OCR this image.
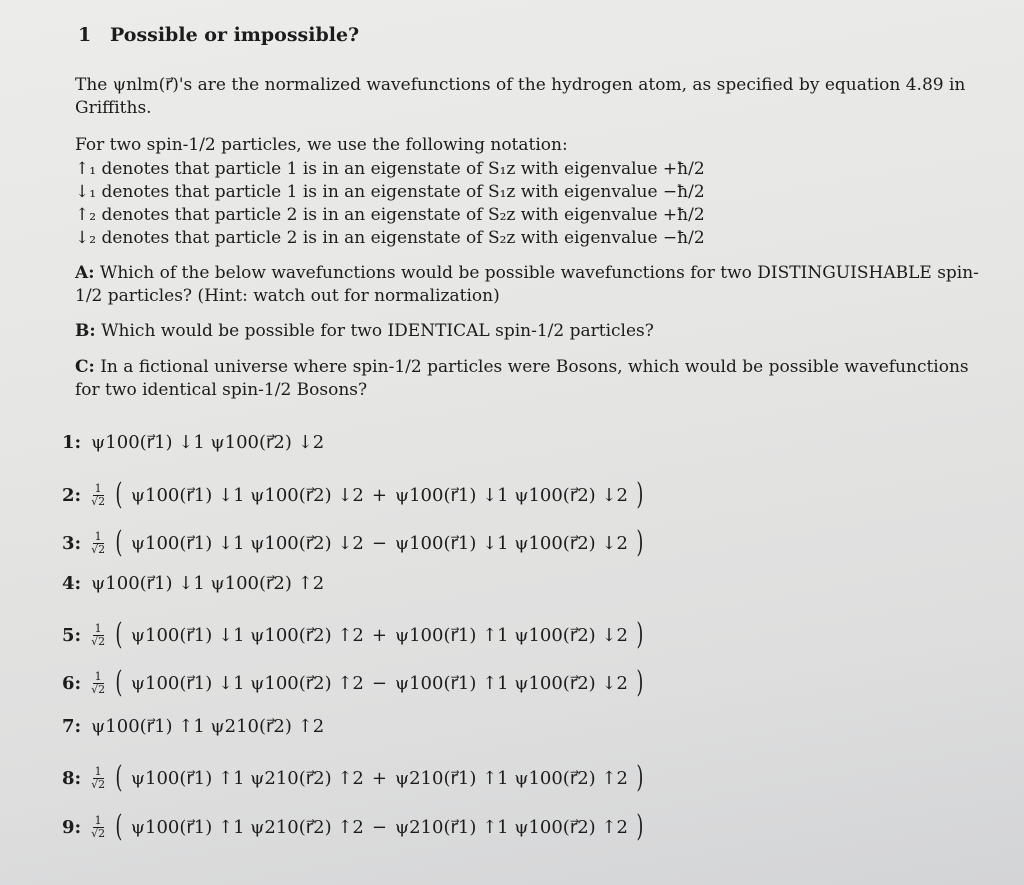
1 Possible or impossible?
The ψnlm(r⃗)'s are the normalized wavefunctions of the hydrogen atom, as specified by equation 4.89 in
Griffiths.
For two spin-1/2 particles, we use the following notation:
↑₁ denotes that particle 1 is in an eigenstate of S₁z with eigenvalue +ħ/2
↓₁ denotes that particle 1 is in an eigenstate of S₁z with eigenvalue −ħ/2
↑₂ denotes that particle 2 is in an eigenstate of S₂z with eigenvalue +ħ/2
↓₂ denotes that particle 2 is in an eigenstate of S₂z with eigenvalue −ħ/2
A: Which of the below wavefunctions would be possible wavefunctions for two DISTINGUISHABLE spin-1/2 particles? (Hint: watch out for normalization)
B: Which would be possible for two IDENTICAL spin-1/2 particles?
C: In a fictional universe where spin-1/2 particles were Bosons, which would be possible wavefunctions for two identical spin-1/2 Bosons?
1: ψ100(r⃗1) ↓1 ψ100(r⃗2) ↓2
2: $\frac{1}{√2}$ ( ψ100(r⃗1) ↓1 ψ100(r⃗2) ↓2 + ψ100(r⃗1) ↓1 ψ100(r⃗2) ↓2 )
3: $\frac{1}{√2}$ ( ψ100(r⃗1) ↓1 ψ100(r⃗2) ↓2 − ψ100(r⃗1) ↓1 ψ100(r⃗2) ↓2 )
4: ψ100(r⃗1) ↓1 ψ100(r⃗2) ↑2
5: $\frac{1}{√2}$ ( ψ100(r⃗1) ↓1 ψ100(r⃗2) ↑2 + ψ100(r⃗1) ↑1 ψ100(r⃗2) ↓2 )
6: $\frac{1}{√2}$ ( ψ100(r⃗1) ↓1 ψ100(r⃗2) ↑2 − ψ100(r⃗1) ↑1 ψ100(r⃗2) ↓2 )
7: ψ100(r⃗1) ↑1 ψ210(r⃗2) ↑2
8: $\frac{1}{√2}$ ( ψ100(r⃗1) ↑1 ψ210(r⃗2) ↑2 + ψ210(r⃗1) ↑1 ψ100(r⃗2) ↑2 )
9: $\frac{1}{√2}$ ( ψ100(r⃗1) ↑1 ψ210(r⃗2) ↑2 − ψ210(r⃗1) ↑1 ψ100(r⃗2) ↑2 )
